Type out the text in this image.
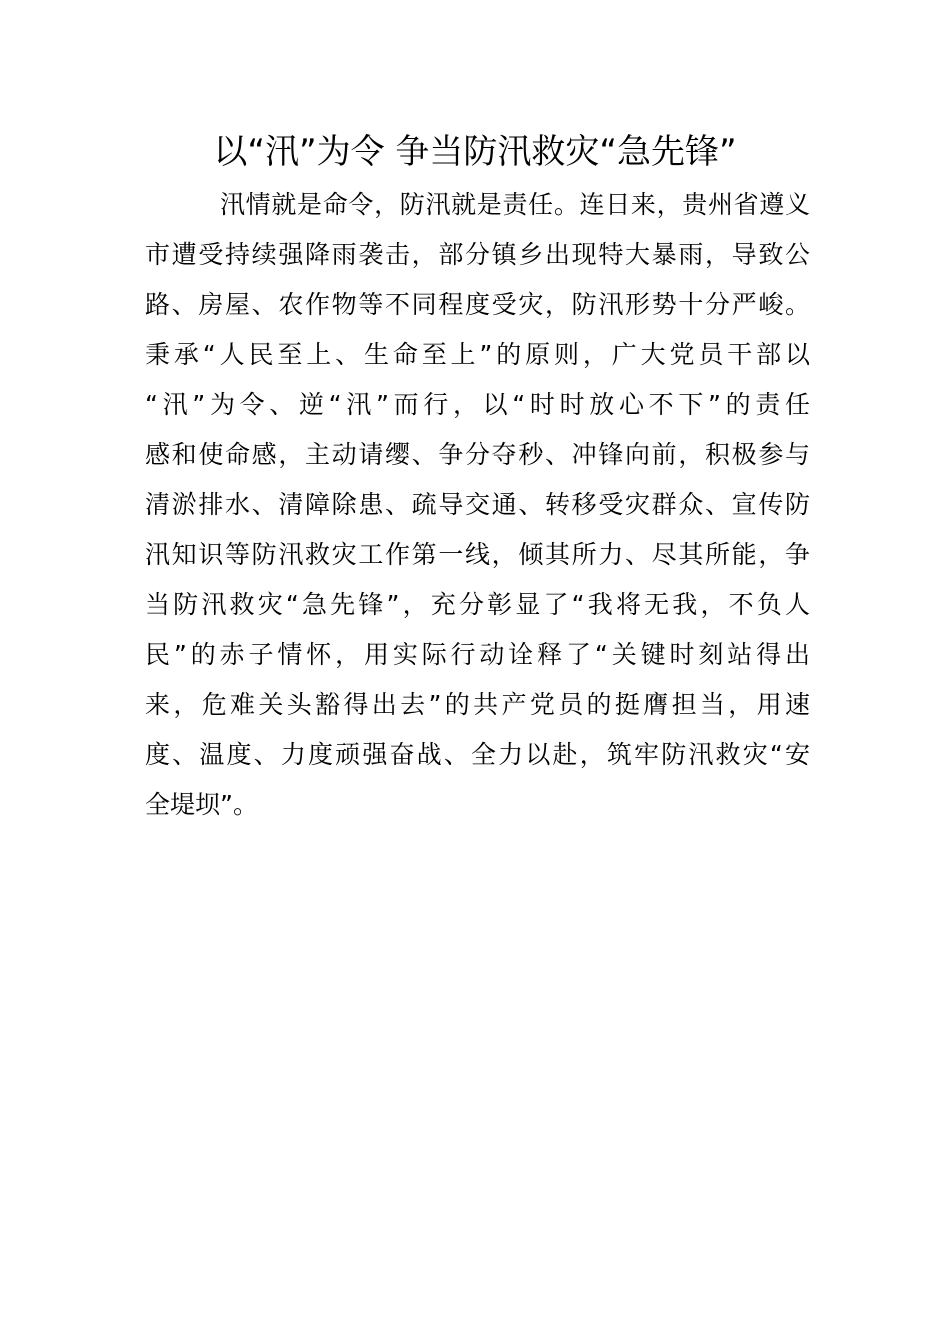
以“汛”为令 争当防汛救灾“急先锋”
汛情就是命令，防汛就是责任。连日来，贵州省遵义
市遭受持续强降雨袭击，部分镇乡出现特大暴雨，导致公
路、房屋、农作物等不同程度受灾，防汛形势十分严峻。
秉承“人民至上、生命至上”的原则，广大党员干部以
“汛”为令、逆“汛”而行，以“时时放心不下”的责任
感和使命感，主动请缨、争分夺秒、冲锋向前，积极参与
清淤排水、清障除患、疏导交通、转移受灾群众、宣传防
汛知识等防汛救灾工作第一线，倾其所力、尽其所能，争
当防汛救灾“急先锋”，充分彰显了“我将无我，不负人
民”的赤子情怀，用实际行动诠释了“关键时刻站得出
来，危难关头豁得出去”的共产党员的挺膺担当，用速
度、温度、力度顽强奋战、全力以赴，筑牢防汛救灾“安
全堤坝”。
